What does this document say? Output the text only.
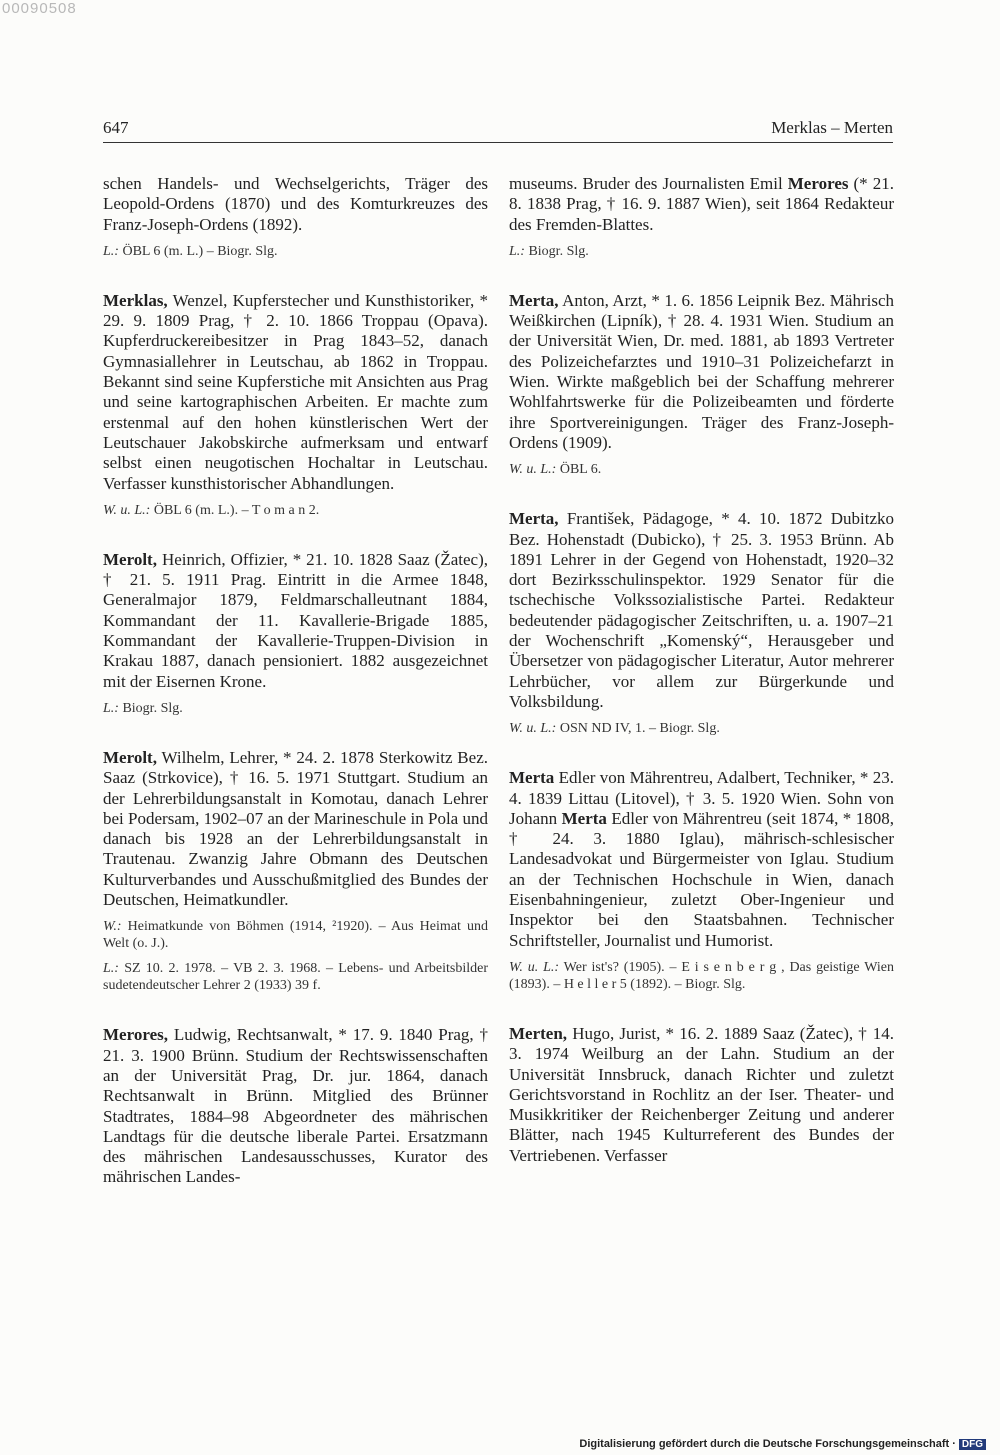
00090508
647	Merklas – Merten

schen Handels- und Wechselgerichts, Träger des Leopold-Ordens (1870) und des Komturkreuzes des Franz-Joseph-Ordens (1892).

L.: ÖBL 6 (m. L.) – Biogr. Slg.

Merklas, Wenzel, Kupferstecher und Kunsthistoriker, * 29. 9. 1809 Prag, † 2. 10. 1866 Troppau (Opava). Kupferdruckereibesitzer in Prag 1843–52, danach Gymnasiallehrer in Leutschau, ab 1862 in Troppau. Bekannt sind seine Kupferstiche mit Ansichten aus Prag und seine kartographischen Arbeiten. Er machte zum erstenmal auf den hohen künstlerischen Wert der Leutschauer Jakobskirche aufmerksam und entwarf selbst einen neugotischen Hochaltar in Leutschau. Verfasser kunsthistorischer Abhandlungen.

W. u. L.: ÖBL 6 (m. L.). – T o m a n 2.

Merolt, Heinrich, Offizier, * 21. 10. 1828 Saaz (Žatec), † 21. 5. 1911 Prag. Eintritt in die Armee 1848, Generalmajor 1879, Feldmarschalleutnant 1884, Kommandant der 11. Kavallerie-Brigade 1885, Kommandant der Kavallerie-Truppen-Division in Krakau 1887, danach pensioniert. 1882 ausgezeichnet mit der Eisernen Krone.

L.: Biogr. Slg.

Merolt, Wilhelm, Lehrer, * 24. 2. 1878 Sterkowitz Bez. Saaz (Strkovice), † 16. 5. 1971 Stuttgart. Studium an der Lehrerbildungsanstalt in Komotau, danach Lehrer bei Podersam, 1902–07 an der Marineschule in Pola und danach bis 1928 an der Lehrerbildungsanstalt in Trautenau. Zwanzig Jahre Obmann des Deutschen Kulturverbandes und Ausschußmitglied des Bundes der Deutschen, Heimatkundler.

W.: Heimatkunde von Böhmen (1914, ²1920). – Aus Heimat und Welt (o. J.).

L.: SZ 10. 2. 1978. – VB 2. 3. 1968. – Lebens- und Arbeitsbilder sudetendeutscher Lehrer 2 (1933) 39 f.

Merores, Ludwig, Rechtsanwalt, * 17. 9. 1840 Prag, † 21. 3. 1900 Brünn. Studium der Rechtswissenschaften an der Universität Prag, Dr. jur. 1864, danach Rechtsanwalt in Brünn. Mitglied des Brünner Stadtrates, 1884–98 Abgeordneter des mährischen Landtags für die deutsche liberale Partei. Ersatzmann des mährischen Landesausschusses, Kurator des mährischen Landes-

museums. Bruder des Journalisten Emil Merores (* 21. 8. 1838 Prag, † 16. 9. 1887 Wien), seit 1864 Redakteur des Fremden-Blattes.

L.: Biogr. Slg.

Merta, Anton, Arzt, * 1. 6. 1856 Leipnik Bez. Mährisch Weißkirchen (Lipník), † 28. 4. 1931 Wien. Studium an der Universität Wien, Dr. med. 1881, ab 1893 Vertreter des Polizeichefarztes und 1910–31 Polizeichefarzt in Wien. Wirkte maßgeblich bei der Schaffung mehrerer Wohlfahrtswerke für die Polizeibeamten und förderte ihre Sportvereinigungen. Träger des Franz-Joseph-Ordens (1909).

W. u. L.: ÖBL 6.

Merta, František, Pädagoge, * 4. 10. 1872 Dubitzko Bez. Hohenstadt (Dubicko), † 25. 3. 1953 Brünn. Ab 1891 Lehrer in der Gegend von Hohenstadt, 1920–32 dort Bezirksschulinspektor. 1929 Senator für die tschechische Volkssozialistische Partei. Redakteur bedeutender pädagogischer Zeitschriften, u. a. 1907–21 der Wochenschrift „Komenský“, Herausgeber und Übersetzer von pädagogischer Literatur, Autor mehrerer Lehrbücher, vor allem zur Bürgerkunde und Volksbildung.

W. u. L.: OSN ND IV, 1. – Biogr. Slg.

Merta Edler von Mährentreu, Adalbert, Techniker, * 23. 4. 1839 Littau (Litovel), † 3. 5. 1920 Wien. Sohn von Johann Merta Edler von Mährentreu (seit 1874, * 1808, † 24. 3. 1880 Iglau), mährisch-schlesischer Landesadvokat und Bürgermeister von Iglau. Studium an der Technischen Hochschule in Wien, danach Eisenbahningenieur, zuletzt Ober-Ingenieur und Inspektor bei den Staatsbahnen. Technischer Schriftsteller, Journalist und Humorist.

W. u. L.: Wer ist's? (1905). – E i s e n b e r g , Das geistige Wien (1893). – H e l l e r 5 (1892). – Biogr. Slg.

Merten, Hugo, Jurist, * 16. 2. 1889 Saaz (Žatec), † 14. 3. 1974 Weilburg an der Lahn. Studium an der Universität Innsbruck, danach Richter und zuletzt Gerichtsvorstand in Rochlitz an der Iser. Theater- und Musikkritiker der Reichenberger Zeitung und anderer Blätter, nach 1945 Kulturreferent des Bundes der Vertriebenen. Verfasser

Digitalisierung gefördert durch die Deutsche Forschungsgemeinschaft · DFG
